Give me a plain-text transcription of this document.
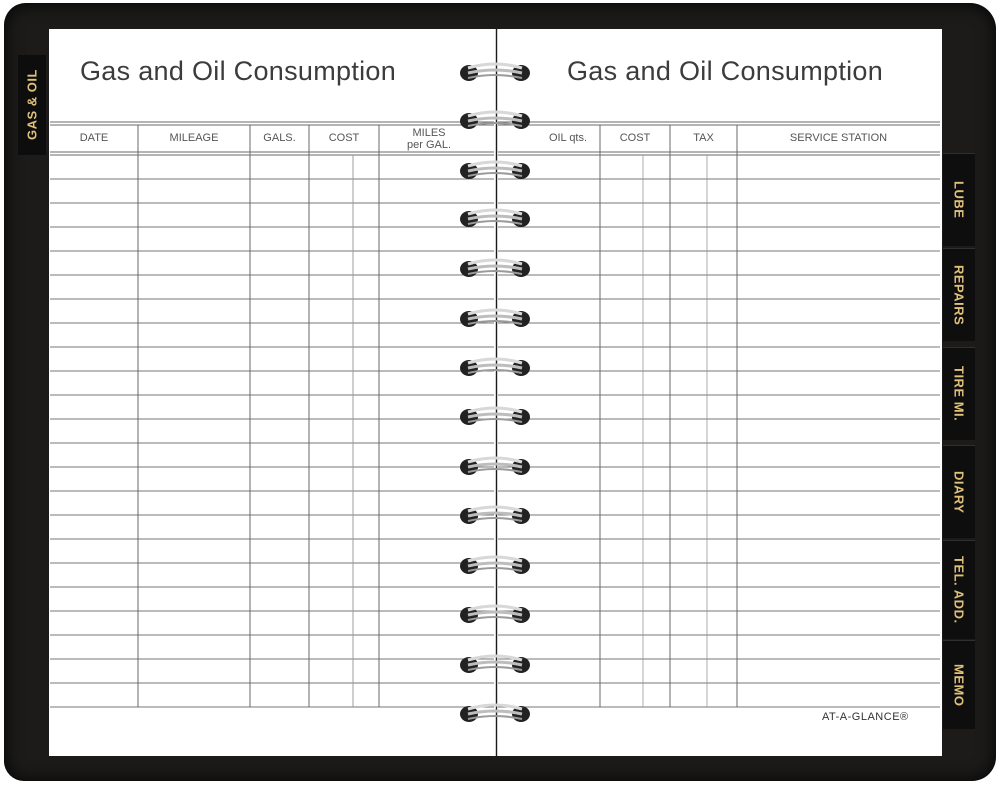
Gas and Oil Consumption	Gas and Oil Consumption
DATE	MILEAGE	GALS.	COST	MILES
per GAL.
OIL qts.	COST	TAX	SERVICE STATION
GAS & OIL
LUBE
REPAIRS
TIRE MI.
DIARY
TEL. ADD.
MEMO
AT-A-GLANCE®
